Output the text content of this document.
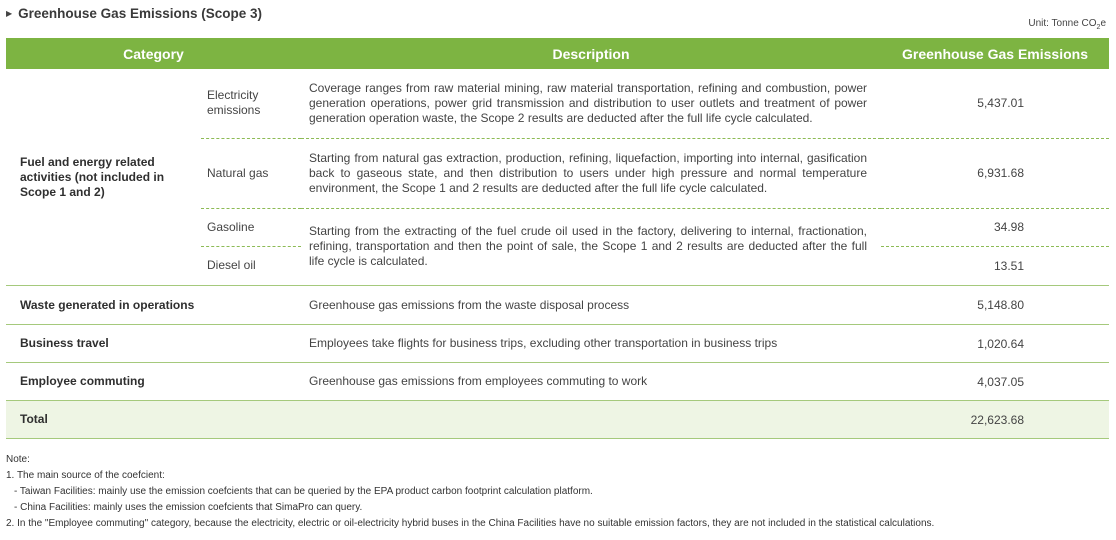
▶ Greenhouse Gas Emissions (Scope 3)
Unit: Tonne $CO_2e$
Category		Description	Greenhouse Gas Emissions
Fuel and energy related activities (not included in Scope 1 and 2)	Electricity emissions	Coverage ranges from raw material mining, raw material transportation, refining and combustion, power generation operations, power grid transmission and distribution to user outlets and treatment of power generation operation waste, the Scope 2 results are deducted after the full life cycle calculated.	5,437.01
	Natural gas	Starting from natural gas extraction, production, refining, liquefaction, importing into internal, gasification back to gaseous state, and then distribution to users under high pressure and normal temperature environment, the Scope 1 and 2 results are deducted after the full life cycle calculated.	6,931.68
	Gasoline	Starting from the extracting of the fuel crude oil used in the factory, delivering to internal, fractionation, refining, transportation and then the point of sale, the Scope 1 and 2 results are deducted after the full life cycle is calculated.	34.98
	Diesel oil		13.51

Waste generated in operations		Greenhouse gas emissions from the waste disposal process	5,148.80
Business travel		Employees take flights for business trips, excluding other transportation in business trips	1,020.64
Employee commuting		Greenhouse gas emissions from employees commuting to work	4,037.05
Total			22,623.68
Note:
1. The main source of the coefcient:
- Taiwan Facilities: mainly use the emission coefcients that can be queried by the EPA product carbon footprint calculation platform.
- China Facilities: mainly uses the emission coefcients that SimaPro can query.
2. In the "Employee commuting" category, because the electricity, electric or oil-electricity hybrid buses in the China Facilities have no suitable emission factors, they are not included in the statistical calculations.
